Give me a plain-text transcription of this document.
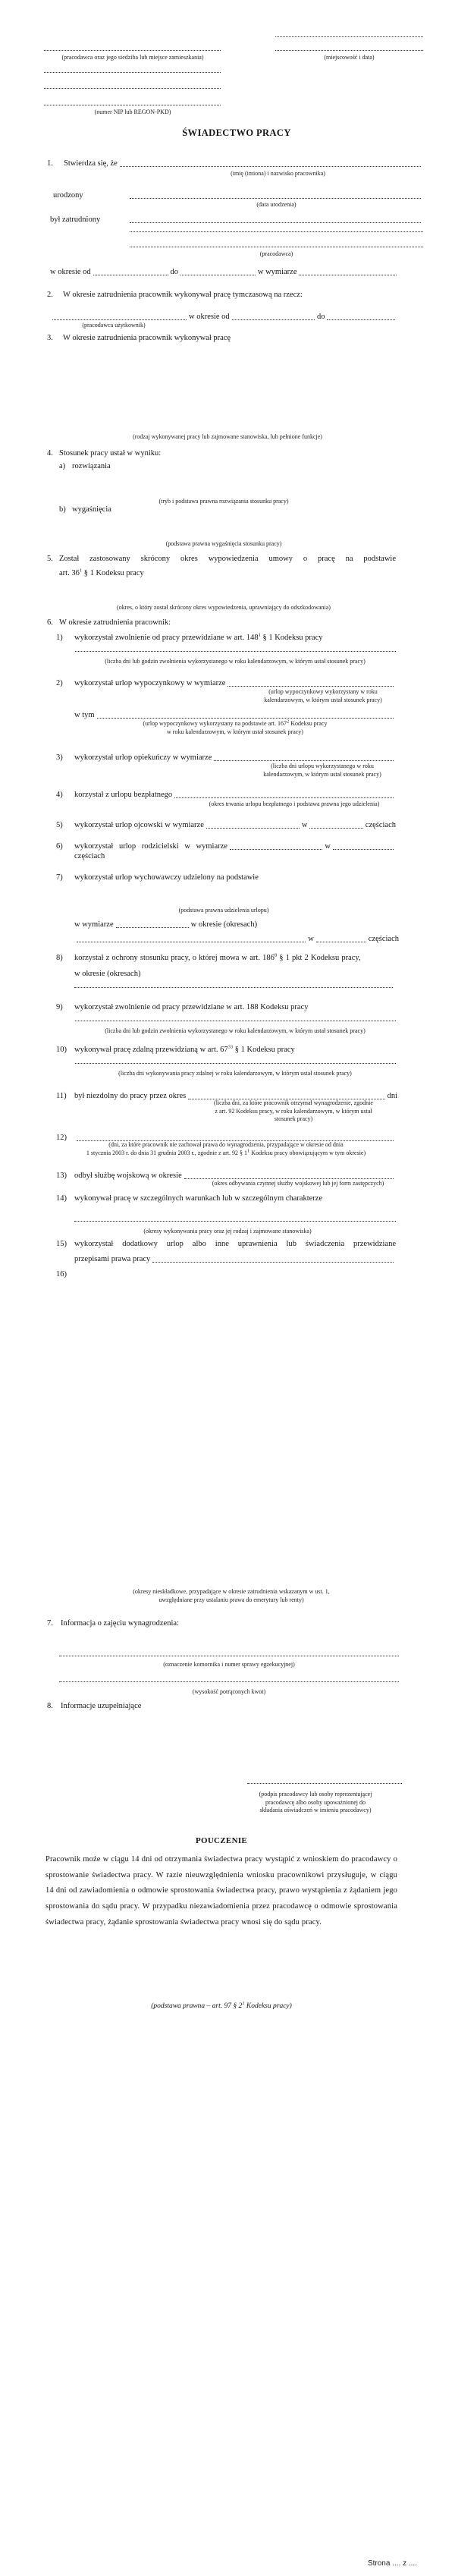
(miejscowość i data)
(pracodawca oraz jego siedziba lub miejsce zamieszkania)
(numer NIP lub REGON-PKD)
ŚWIADECTWO PRACY
1.	Stwierdza się, że
(imię (imiona) i nazwisko pracownika)
urodzony
(data urodzenia)
był zatrudniony
(pracodawca)
w okresie od	do	w wymiarze
2.	W okresie zatrudnienia pracownik wykonywał pracę tymczasową na rzecz:
w okresie od	do
(pracodawca użytkownik)
3.	W okresie zatrudnienia pracownik wykonywał pracę
(rodzaj wykonywanej pracy lub zajmowane stanowiska, lub pełnione funkcje)
4. Stosunek pracy ustał w wyniku:
a) rozwiązania
(tryb i podstawa prawna rozwiązania stosunku pracy)
b) wygaśnięcia
(podstawa prawna wygaśnięcia stosunku pracy)
5. Został zastosowany skrócony okres wypowiedzenia umowy o pracę na podstawie
art. $36^1$ § 1 Kodeksu pracy
(okres, o który został skrócony okres wypowiedzenia, uprawniający do odszkodowania)
6. W okresie zatrudnienia pracownik:
1)	wykorzystał zwolnienie od pracy przewidziane w art. $148^1$ § 1 Kodeksu pracy
(liczba dni lub godzin zwolnienia wykorzystanego w roku kalendarzowym, w którym ustał stosunek pracy)
2)	wykorzystał urlop wypoczynkowy w wymiarze
(urlop wypoczynkowy wykorzystany w roku
kalendarzowym, w którym ustał stosunek pracy)
w tym
(urlop wypoczynkowy wykorzystany na podstawie art. $167^2$ Kodeksu pracy
w roku kalendarzowym, w którym ustał stosunek pracy)
3)	wykorzystał urlop opiekuńczy w wymiarze
(liczba dni urlopu wykorzystanego w roku
kalendarzowym, w którym ustał stosunek pracy)
4)	korzystał z urlopu bezpłatnego
(okres trwania urlopu bezpłatnego i podstawa prawna jego udzielenia)
5)	wykorzystał urlop ojcowski w wymiarze	w	częściach
6)	wykorzystał urlop rodzicielski w wymiarze	w
częściach
7)	wykorzystał urlop wychowawczy udzielony na podstawie
(podstawa prawna udzielenia urlopu)
w wymiarze	w okresie (okresach)
w	częściach
8)	korzystał z ochrony stosunku pracy, o której mowa w art. $186^8$ § 1 pkt 2 Kodeksu pracy,
w okresie (okresach)
9)	wykorzystał zwolnienie od pracy przewidziane w art. 188 Kodeksu pracy
(liczba dni lub godzin zwolnienia wykorzystanego w roku kalendarzowym, w którym ustał stosunek pracy)
10) wykonywał pracę zdalną przewidzianą w art. $67^{33}$ § 1 Kodeksu pracy
(liczba dni wykonywania pracy zdalnej w roku kalendarzowym, w którym ustał stosunek pracy)
11) był niezdolny do pracy przez okres	dni
(liczba dni, za które pracownik otrzymał wynagrodzenie, zgodnie
z art. 92 Kodeksu pracy, w roku kalendarzowym, w którym ustał
stosunek pracy)
12)
(dni, za które pracownik nie zachował prawa do wynagrodzenia, przypadające w okresie od dnia
1 stycznia 2003 r. do dnia 31 grudnia 2003 r., zgodnie z art. 92 § $1^1$ Kodeksu pracy obowiązującym w tym okresie)
13) odbył służbę wojskową w okresie
(okres odbywania czynnej służby wojskowej lub jej form zastępczych)
14) wykonywał pracę w szczególnych warunkach lub w szczególnym charakterze
(okresy wykonywania pracy oraz jej rodzaj i zajmowane stanowiska)
15) wykorzystał dodatkowy urlop albo inne uprawnienia lub świadczenia przewidziane
przepisami prawa pracy
16)
(okresy nieskładkowe, przypadające w okresie zatrudnienia wskazanym w ust. 1,
uwzględniane przy ustalaniu prawa do emerytury lub renty)
7. Informacja o zajęciu wynagrodzenia:
(oznaczenie komornika i numer sprawy egzekucyjnej)
(wysokość potrąconych kwot)
8. Informacje uzupełniające
(podpis pracodawcy lub osoby reprezentującej
pracodawcę albo osoby upoważnionej do
składania oświadczeń w imieniu pracodawcy)
POUCZENIE
Pracownik może w ciągu 14 dni od otrzymania świadectwa pracy wystąpić z wnioskiem do pracodawcy o sprostowanie świadectwa pracy. W razie nieuwzględnienia wniosku pracownikowi przysługuje, w ciągu 14 dni od zawiadomienia o odmowie sprostowania świadectwa pracy, prawo wystąpienia z żądaniem jego sprostowania do sądu pracy. W przypadku niezawiadomienia przez pracodawcę o odmowie sprostowania świadectwa pracy, żądanie sprostowania świadectwa pracy wnosi się do sądu pracy.
(podstawa prawna – art. 97 § $2^1$ Kodeksu pracy)
Strona .... z ....
